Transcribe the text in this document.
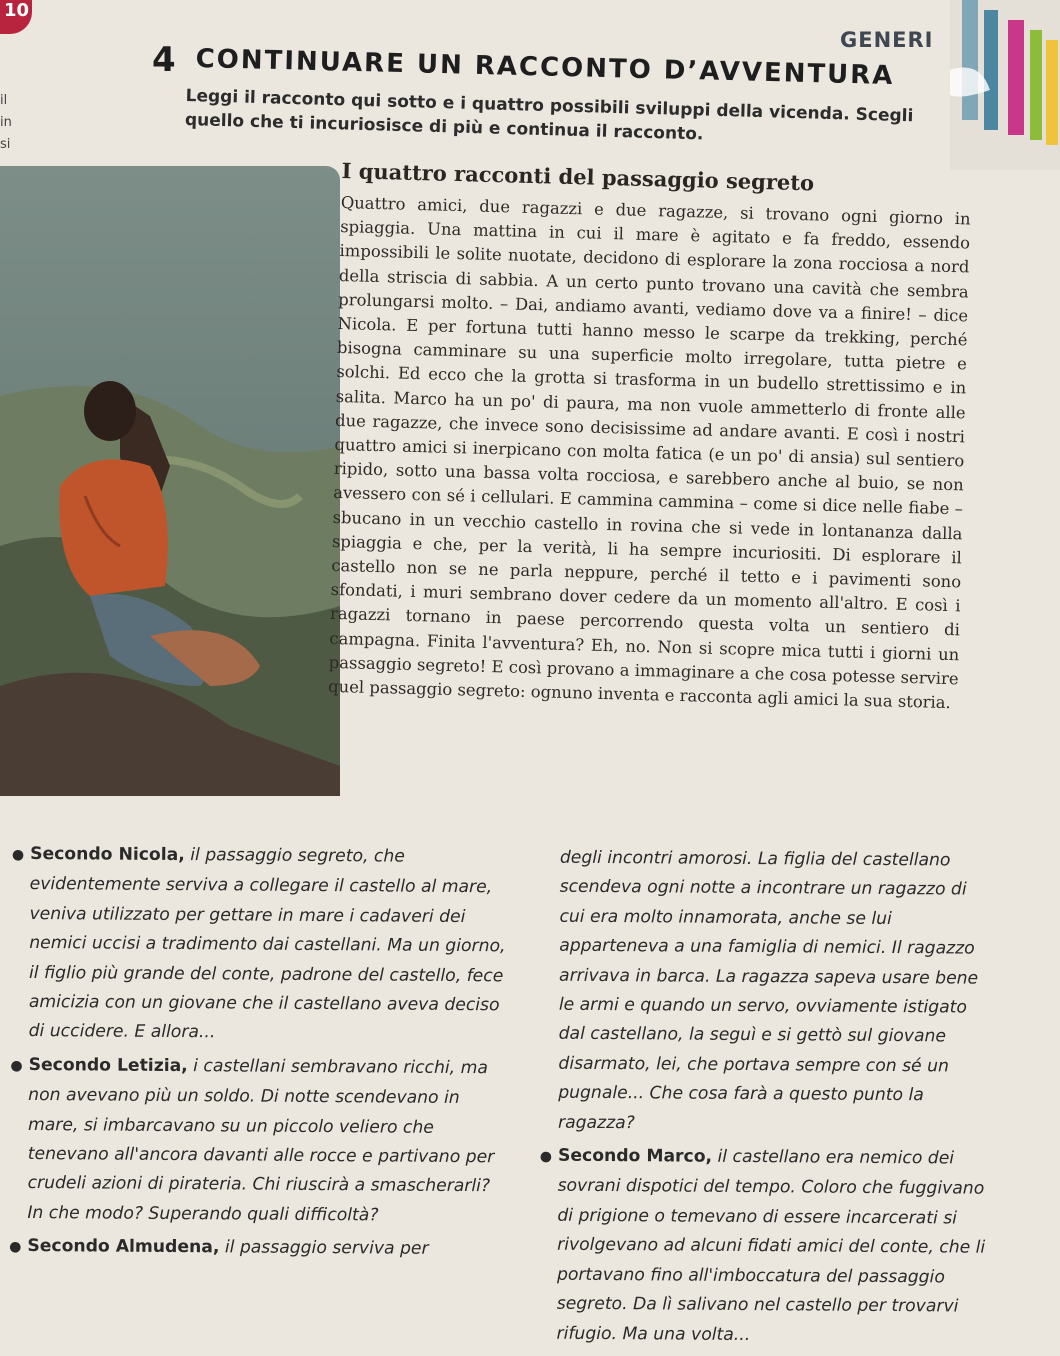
10
GENERI
il
in
si
4 CONTINUARE UN RACCONTO D’AVVENTURA
Leggi il racconto qui sotto e i quattro possibili sviluppi della vicenda. Scegli quello che ti incuriosisce di più e continua il racconto.
I quattro racconti del passaggio segreto

Quattro amici, due ragazzi e due ragazze, si trovano ogni giorno in spiaggia. Una mattina in cui il mare è agitato e fa freddo, essendo impossibili le solite nuotate, decidono di esplorare la zona rocciosa a nord della striscia di sabbia. A un certo punto trovano una cavità che sembra prolungarsi molto. – Dai, andiamo avanti, vediamo dove va a finire! – dice Nicola. E per fortuna tutti hanno messo le scarpe da trekking, perché bisogna camminare su una superficie molto irregolare, tutta pietre e solchi. Ed ecco che la grotta si trasforma in un budello strettissimo e in salita. Marco ha un po' di paura, ma non vuole ammetterlo di fronte alle due ragazze, che invece sono decisissime ad andare avanti. E così i nostri quattro amici si inerpicano con molta fatica (e un po' di ansia) sul sentiero ripido, sotto una bassa volta rocciosa, e sarebbero anche al buio, se non avessero con sé i cellulari. E cammina cammina – come si dice nelle fiabe – sbucano in un vecchio castello in rovina che si vede in lontananza dalla spiaggia e che, per la verità, li ha sempre incuriositi. Di esplorare il castello non se ne parla neppure, perché il tetto e i pavimenti sono sfondati, i muri sembrano dover cedere da un momento all'altro. E così i ragazzi tornano in paese percorrendo questa volta un sentiero di campagna. Finita l'avventura? Eh, no. Non si scopre mica tutti i giorni un passaggio segreto! E così provano a immaginare a che cosa potesse servire quel passaggio segreto: ognuno inventa e racconta agli amici la sua storia.

● Secondo Nicola, il passaggio segreto, che evidentemente serviva a collegare il castello al mare, veniva utilizzato per gettare in mare i cadaveri dei nemici uccisi a tradimento dai castellani. Ma un giorno, il figlio più grande del conte, padrone del castello, fece amicizia con un giovane che il castellano aveva deciso di uccidere. E allora...

● Secondo Letizia, i castellani sembravano ricchi, ma non avevano più un soldo. Di notte scendevano in mare, si imbarcavano su un piccolo veliero che tenevano all'ancora davanti alle rocce e partivano per crudeli azioni di pirateria. Chi riuscirà a smascherarli? In che modo? Superando quali difficoltà?

● Secondo Almudena, il passaggio serviva per

degli incontri amorosi. La figlia del castellano scendeva ogni notte a incontrare un ragazzo di cui era molto innamorata, anche se lui apparteneva a una famiglia di nemici. Il ragazzo arrivava in barca. La ragazza sapeva usare bene le armi e quando un servo, ovviamente istigato dal castellano, la seguì e si gettò sul giovane disarmato, lei, che portava sempre con sé un pugnale... Che cosa farà a questo punto la ragazza?

● Secondo Marco, il castellano era nemico dei sovrani dispotici del tempo. Coloro che fuggivano di prigione o temevano di essere incarcerati si rivolgevano ad alcuni fidati amici del conte, che li portavano fino all'imboccatura del passaggio segreto. Da lì salivano nel castello per trovarvi rifugio. Ma una volta...
